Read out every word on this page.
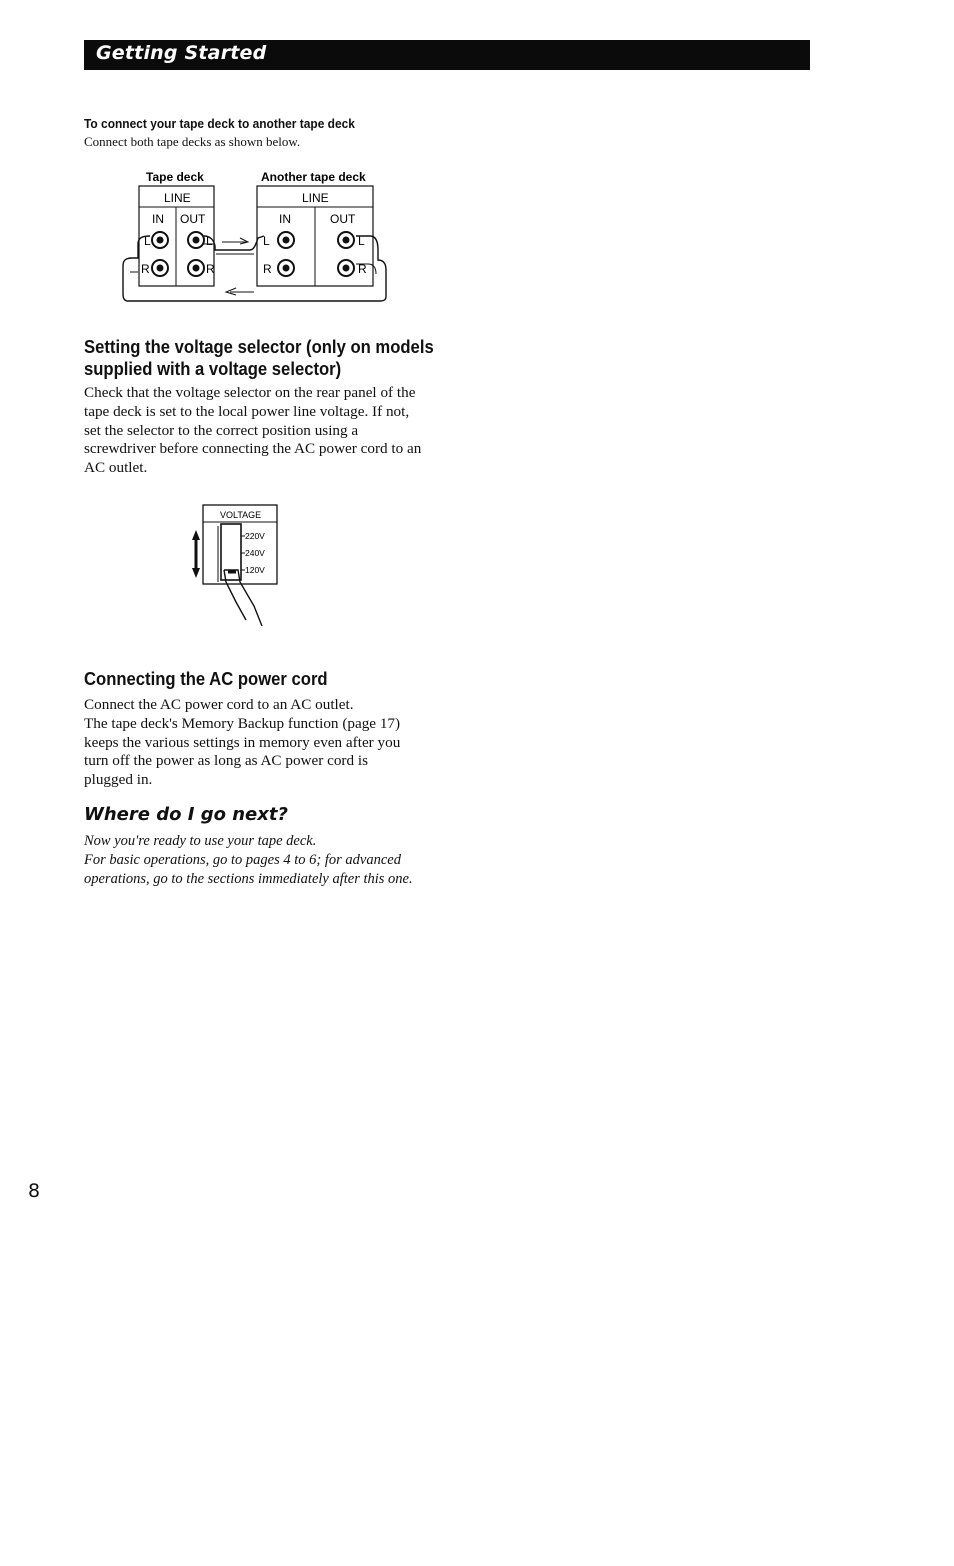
Getting Started
To connect your tape deck to another tape deck
Connect both tape decks as shown below.
Tape deck	Another tape deck
LINE
IN OUT
LINE
IN	OUT
L
R
L
R
L
R
L
R
Setting the voltage selector (only on models
supplied with a voltage selector)

Check that the voltage selector on the rear panel of the tape deck is set to the local power line voltage. If not, set the selector to the correct position using a screwdriver before connecting the AC power cord to an AC outlet.

VOLTAGE
220V
240V
120V
Connecting the AC power cord

Connect the AC power cord to an AC outlet.

The tape deck's Memory Backup function (page 17) keeps the various settings in memory even after you turn off the power as long as AC power cord is plugged in.

Where do I go next?

Now you're ready to use your tape deck.

For basic operations, go to pages 4 to 6; for advanced operations, go to the sections immediately after this one.

8
